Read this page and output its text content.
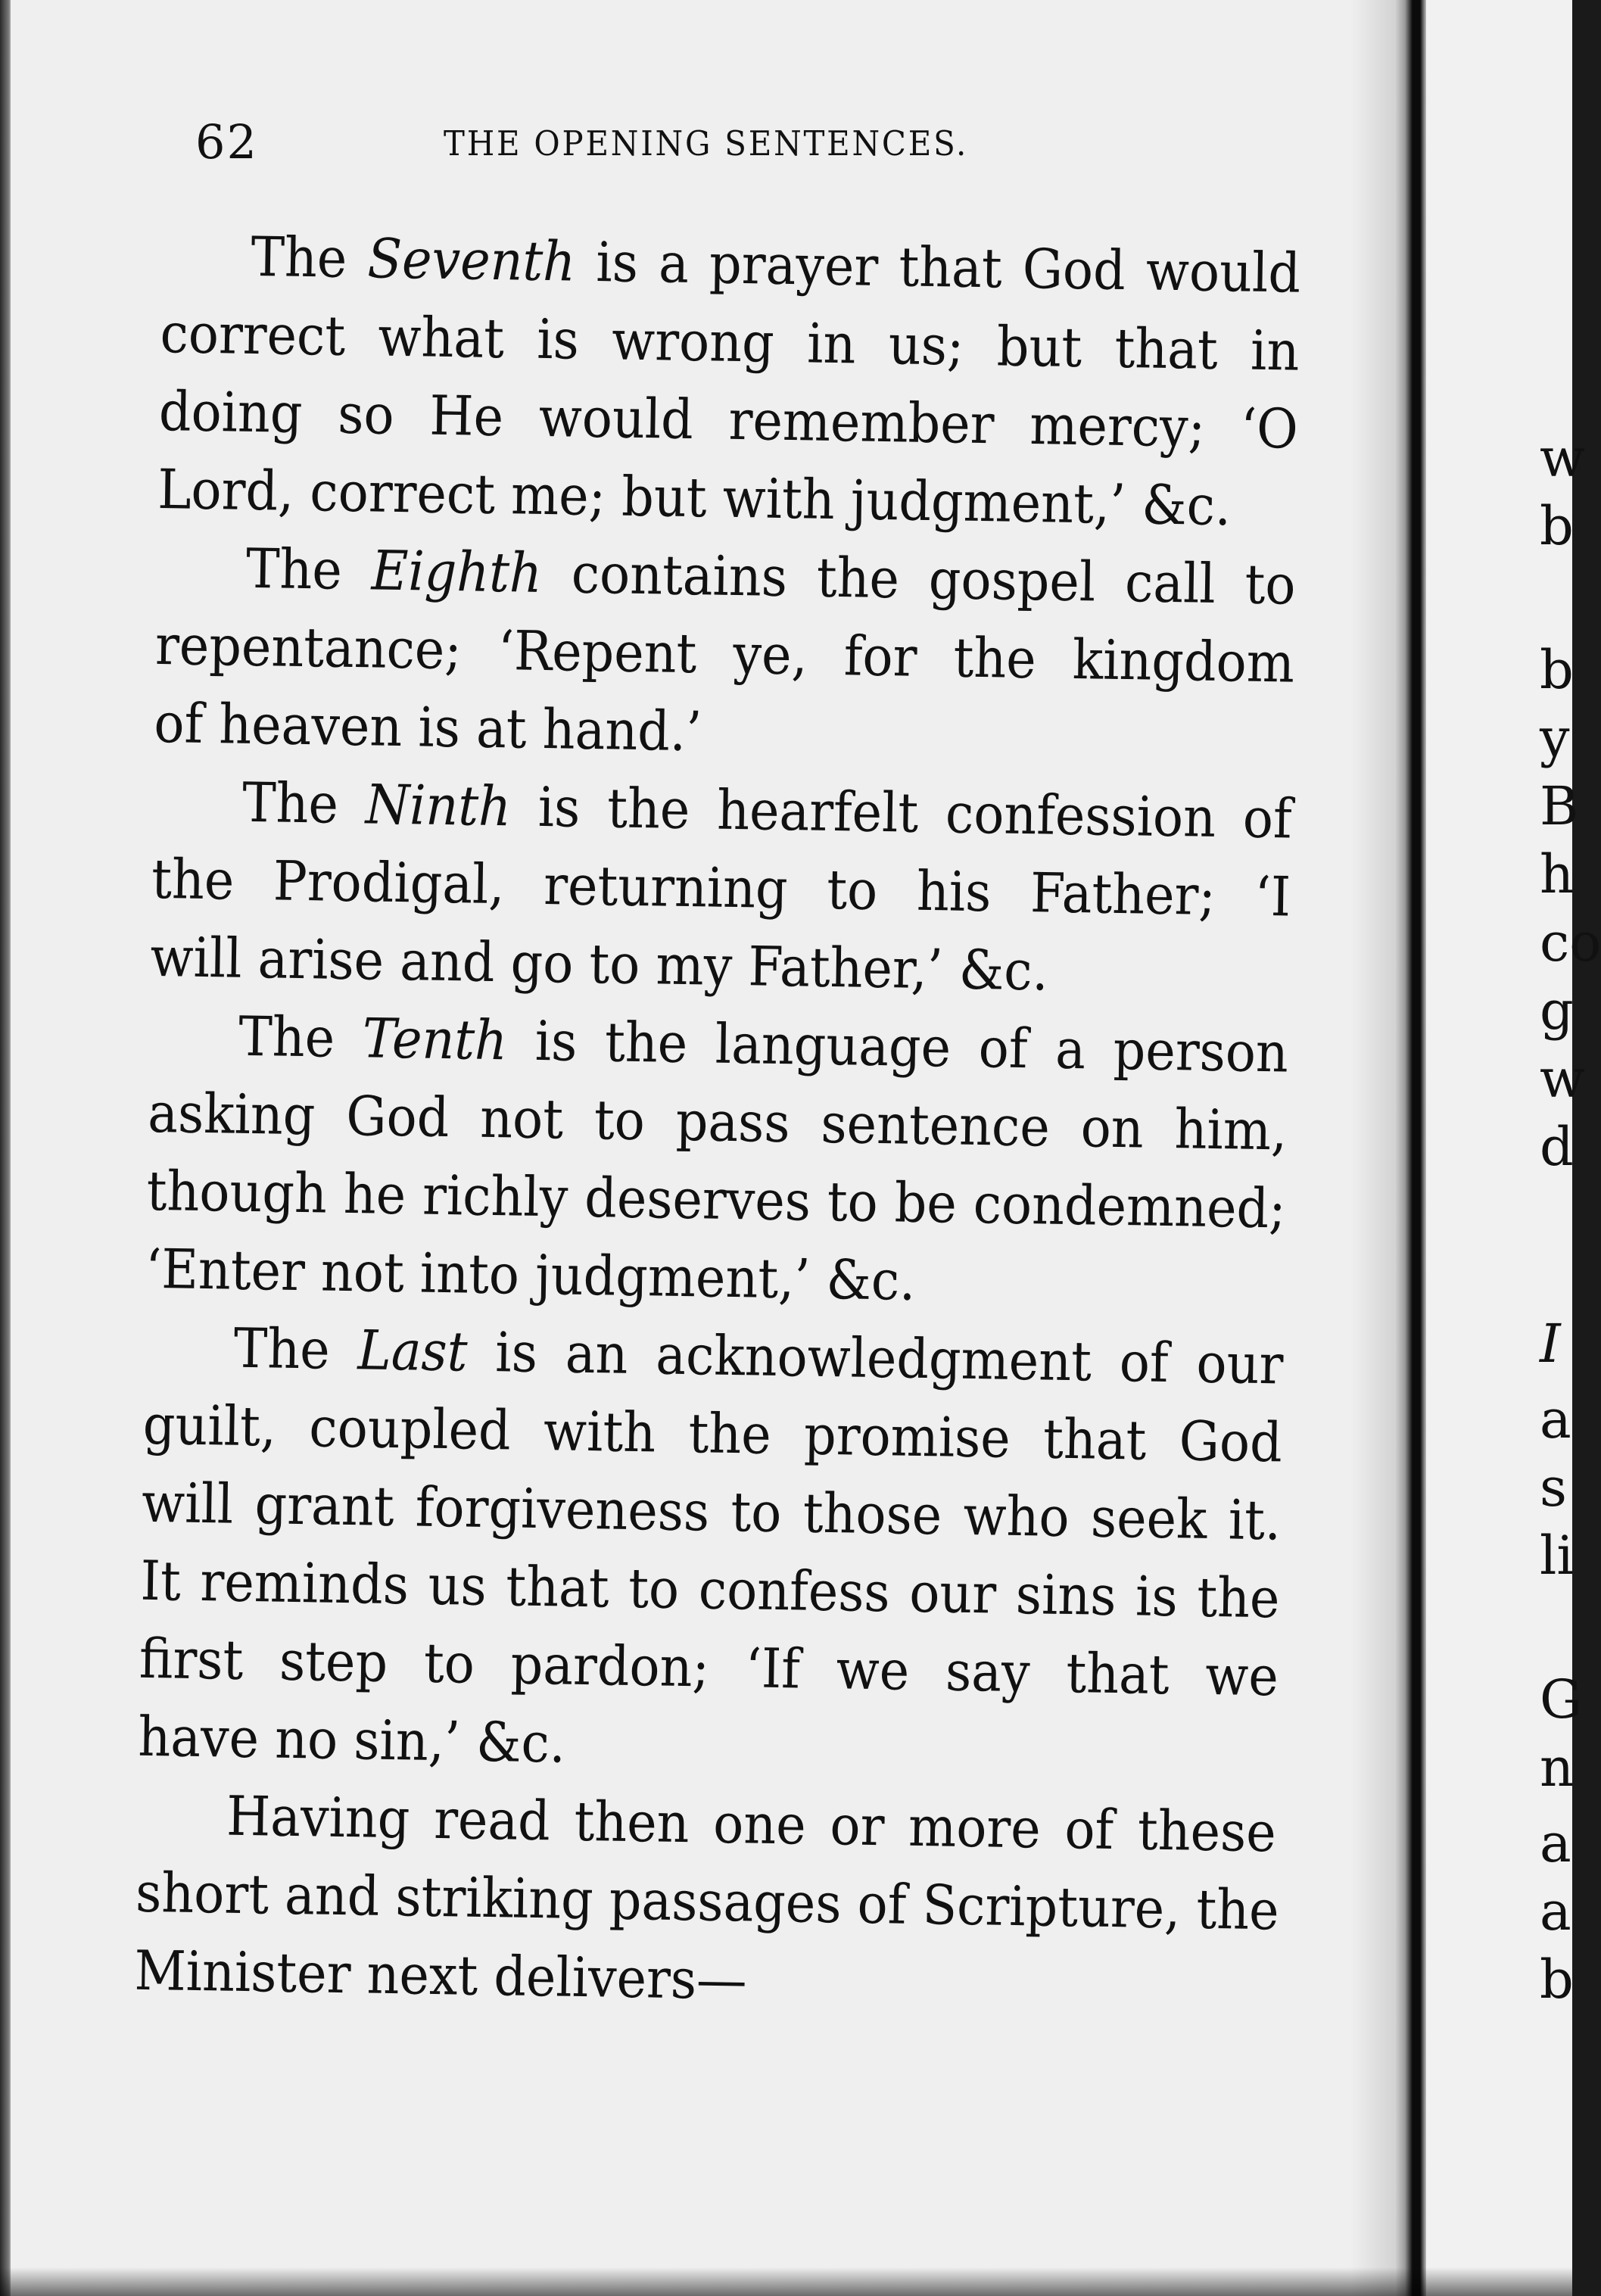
62	THE OPENING SENTENCES.
The Seventh is a prayer that God would
correct what is wrong in us; but that in
doing so He would remember mercy; ‘O
Lord, correct me; but with judgment,’ &c.
The Eighth contains the gospel call to
repentance; ‘Repent ye, for the kingdom
of heaven is at hand.’
The Ninth is the hearfelt confession of
the Prodigal, returning to his Father; ‘I
will arise and go to my Father,’ &c.
The Tenth is the language of a person
asking God not to pass sentence on him,
though he richly deserves to be condemned;
‘Enter not into judgment,’ &c.
The Last is an acknowledgment of our
guilt, coupled with the promise that God
will grant forgiveness to those who seek it.
It reminds us that to confess our sins is the
first step to pardon; ‘If we say that we
have no sin,’ &c.
Having read then one or more of these
short and striking passages of Scripture, the
Minister next delivers—
w
b
b
y
B
h
co
g
w
d
I
a
s
li
G
n
a
a
b
